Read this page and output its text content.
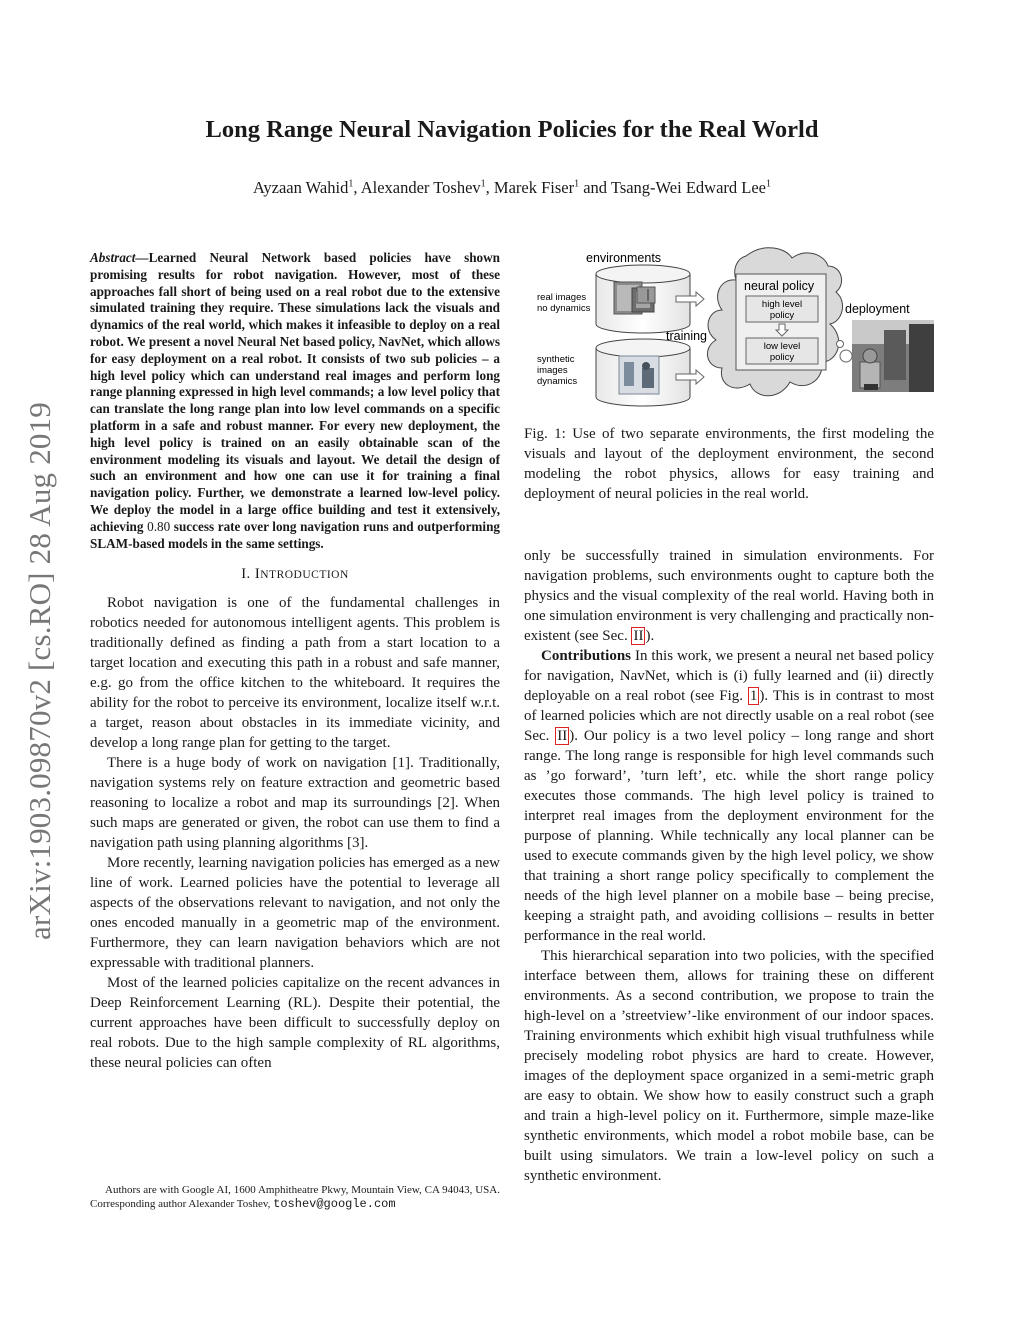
arXiv:1903.09870v2 [cs.RO] 28 Aug 2019
Long Range Neural Navigation Policies for the Real World
Ayzaan Wahid$^1$, Alexander Toshev$^1$, Marek Fiser$^1$ and Tsang-Wei Edward Lee$^1$

Abstract—Learned Neural Network based policies have shown promising results for robot navigation. However, most of these approaches fall short of being used on a real robot due to the extensive simulated training they require. These simulations lack the visuals and dynamics of the real world, which makes it infeasible to deploy on a real robot. We present a novel Neural Net based policy, NavNet, which allows for easy deployment on a real robot. It consists of two sub policies – a high level policy which can understand real images and perform long range planning expressed in high level commands; a low level policy that can translate the long range plan into low level commands on a specific platform in a safe and robust manner. For every new deployment, the high level policy is trained on an easily obtainable scan of the environment modeling its visuals and layout. We detail the design of such an environment and how one can use it for training a final navigation policy. Further, we demonstrate a learned low-level policy. We deploy the model in a large office building and test it extensively, achieving 0.80 success rate over long navigation runs and outperforming SLAM-based models in the same settings.

I. INTRODUCTION

Robot navigation is one of the fundamental challenges in robotics needed for autonomous intelligent agents. This problem is traditionally defined as finding a path from a start location to a target location and executing this path in a robust and safe manner, e.g. go from the office kitchen to the whiteboard. It requires the ability for the robot to perceive its environment, localize itself w.r.t. a target, reason about obstacles in its immediate vicinity, and develop a long range plan for getting to the target.

There is a huge body of work on navigation [1]. Traditionally, navigation systems rely on feature extraction and geometric based reasoning to localize a robot and map its surroundings [2]. When such maps are generated or given, the robot can use them to find a navigation path using planning algorithms [3].

More recently, learning navigation policies has emerged as a new line of work. Learned policies have the potential to leverage all aspects of the observations relevant to navigation, and not only the ones encoded manually in a geometric map of the environment. Furthermore, they can learn navigation behaviors which are not expressable with traditional planners.

Most of the learned policies capitalize on the recent advances in Deep Reinforcement Learning (RL). Despite their potential, the current approaches have been difficult to successfully deploy on real robots. Due to the high sample complexity of RL algorithms, these neural policies can often

Authors are with Google AI, 1600 Amphitheatre Pkwy, Mountain View, CA 94043, USA. Corresponding author Alexander Toshev, toshev@google.com
environments
real images
no dynamics
synthetic
images
dynamics
training
neural policy
high level
policy
low level
policy
deployment

Fig. 1: Use of two separate environments, the first modeling the visuals and layout of the deployment environment, the second modeling the robot physics, allows for easy training and deployment of neural policies in the real world.

only be successfully trained in simulation environments. For navigation problems, such environments ought to capture both the physics and the visual complexity of the real world. Having both in one simulation environment is very challenging and practically non-existent (see Sec. II ).

Contributions In this work, we present a neural net based policy for navigation, NavNet, which is (i) fully learned and (ii) directly deployable on a real robot (see Fig. 1 ). This is in contrast to most of learned policies which are not directly usable on a real robot (see Sec. II ). Our policy is a two level policy – long range and short range. The long range is responsible for high level commands such as ’go forward’, ’turn left’, etc. while the short range policy executes those commands. The high level policy is trained to interpret real images from the deployment environment for the purpose of planning. While technically any local planner can be used to execute commands given by the high level policy, we show that training a short range policy specifically to complement the needs of the high level planner on a mobile base – being precise, keeping a straight path, and avoiding collisions – results in better performance in the real world.

This hierarchical separation into two policies, with the specified interface between them, allows for training these on different environments. As a second contribution, we propose to train the high-level on a ’streetview’-like environment of our indoor spaces. Training environments which exhibit high visual truthfulness while precisely modeling robot physics are hard to create. However, images of the deployment space organized in a semi-metric graph are easy to obtain. We show how to easily construct such a graph and train a high-level policy on it. Furthermore, simple maze-like synthetic environments, which model a robot mobile base, can be built using simulators. We train a low-level policy on such a synthetic environment.
